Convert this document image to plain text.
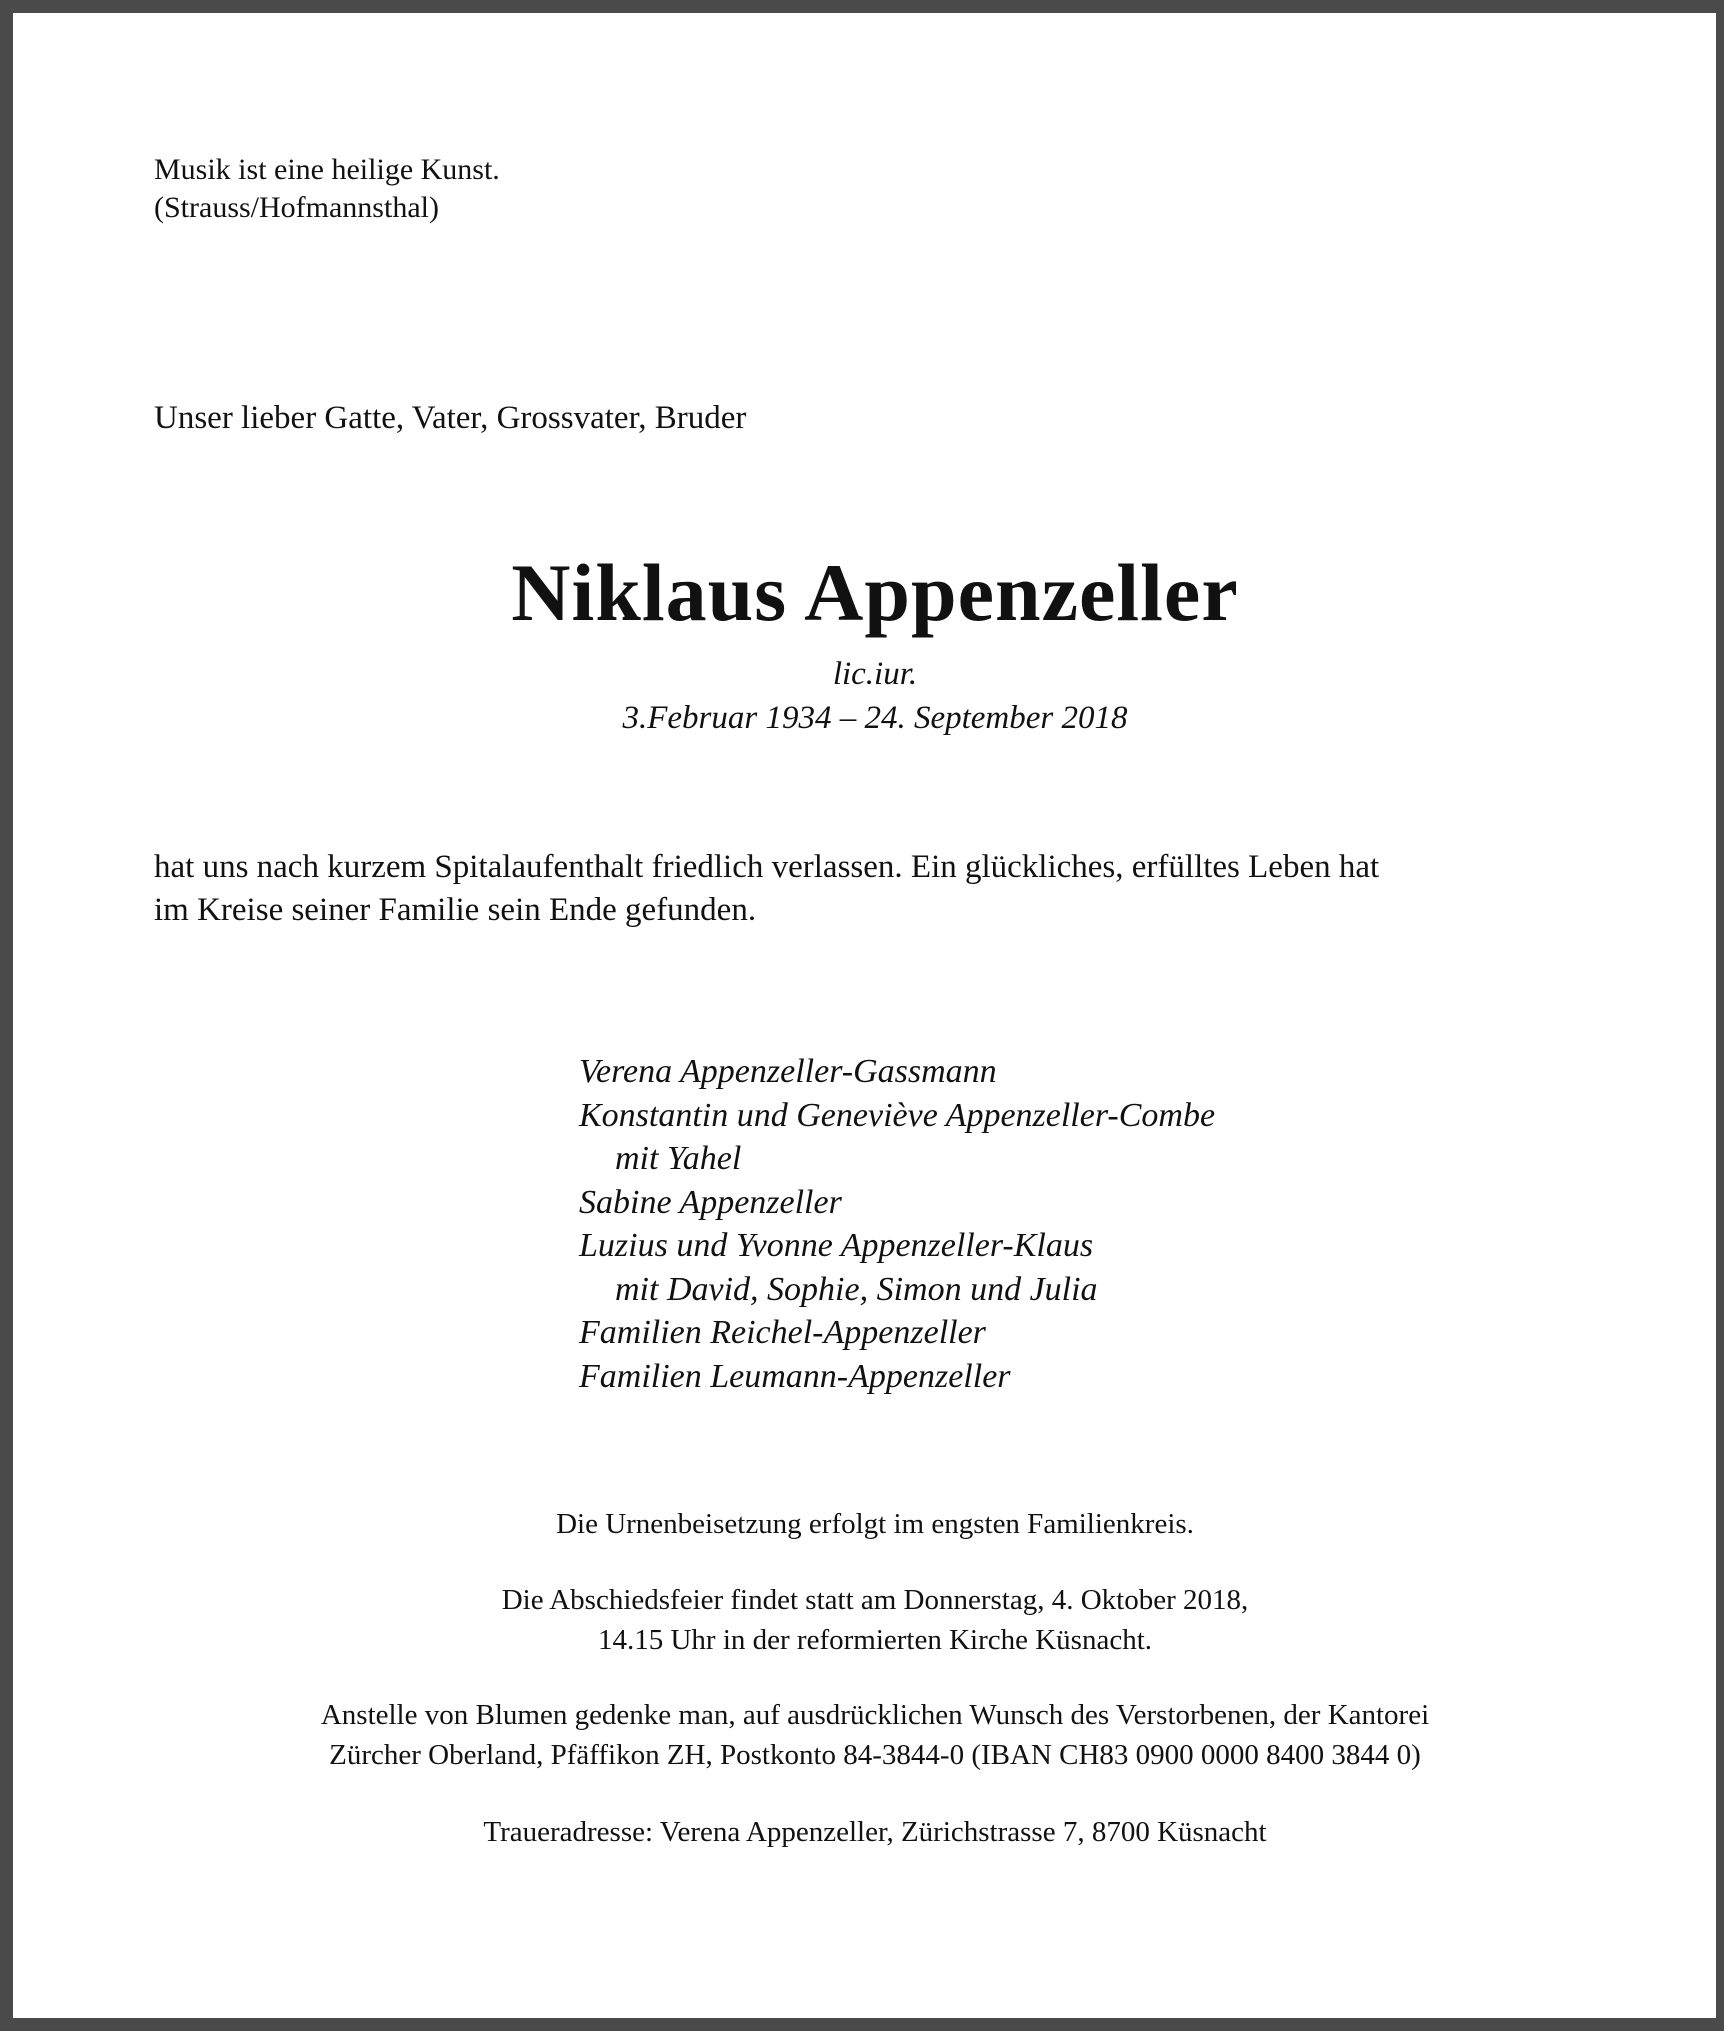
Musik ist eine heilige Kunst.
(Strauss/Hofmannsthal)
Unser lieber Gatte, Vater, Grossvater, Bruder
Niklaus Appenzeller
lic.iur.
3.Februar 1934 – 24. September 2018
hat uns nach kurzem Spitalaufenthalt friedlich verlassen. Ein glückliches, erfülltes Leben hat
im Kreise seiner Familie sein Ende gefunden.
Verena Appenzeller-Gassmann
Konstantin und Geneviève Appenzeller-Combe
mit Yahel
Sabine Appenzeller
Luzius und Yvonne Appenzeller-Klaus
mit David, Sophie, Simon und Julia
Familien Reichel-Appenzeller
Familien Leumann-Appenzeller
Die Urnenbeisetzung erfolgt im engsten Familienkreis.
Die Abschiedsfeier findet statt am Donnerstag, 4. Oktober 2018,
14.15 Uhr in der reformierten Kirche Küsnacht.
Anstelle von Blumen gedenke man, auf ausdrücklichen Wunsch des Verstorbenen, der Kantorei
Zürcher Oberland, Pfäffikon ZH, Postkonto 84-3844-0 (IBAN CH83 0900 0000 8400 3844 0)
Traueradresse: Verena Appenzeller, Zürichstrasse 7, 8700 Küsnacht
